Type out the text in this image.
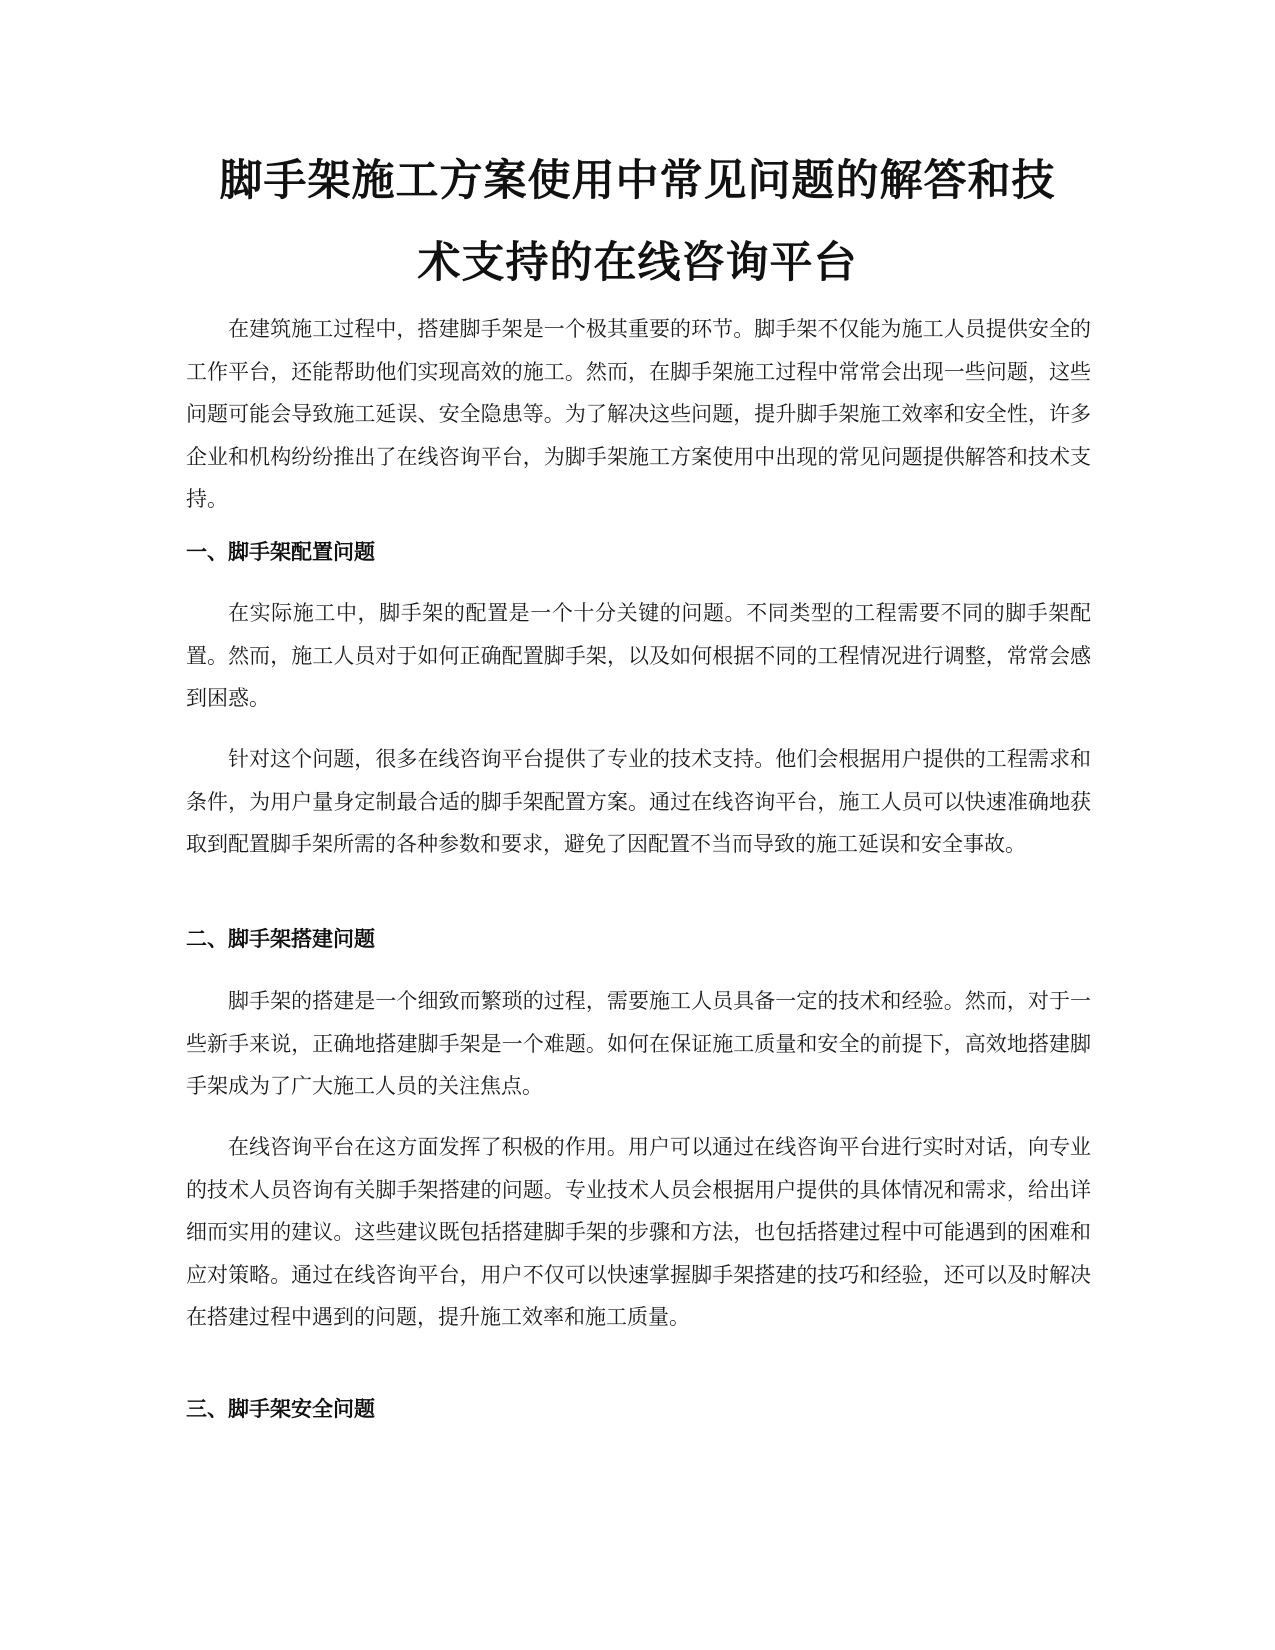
脚手架施工方案使用中常见问题的解答和技
术支持的在线咨询平台

在建筑施工过程中，搭建脚手架是一个极其重要的环节。脚手架不仅能为施工人员提供安全的工作平台，还能帮助他们实现高效的施工。然而，在脚手架施工过程中常常会出现一些问题，这些问题可能会导致施工延误、安全隐患等。为了解决这些问题，提升脚手架施工效率和安全性，许多企业和机构纷纷推出了在线咨询平台，为脚手架施工方案使用中出现的常见问题提供解答和技术支持。

一、脚手架配置问题

在实际施工中，脚手架的配置是一个十分关键的问题。不同类型的工程需要不同的脚手架配置。然而，施工人员对于如何正确配置脚手架，以及如何根据不同的工程情况进行调整，常常会感到困惑。

针对这个问题，很多在线咨询平台提供了专业的技术支持。他们会根据用户提供的工程需求和条件，为用户量身定制最合适的脚手架配置方案。通过在线咨询平台，施工人员可以快速准确地获取到配置脚手架所需的各种参数和要求，避免了因配置不当而导致的施工延误和安全事故。

二、脚手架搭建问题

脚手架的搭建是一个细致而繁琐的过程，需要施工人员具备一定的技术和经验。然而，对于一些新手来说，正确地搭建脚手架是一个难题。如何在保证施工质量和安全的前提下，高效地搭建脚手架成为了广大施工人员的关注焦点。

在线咨询平台在这方面发挥了积极的作用。用户可以通过在线咨询平台进行实时对话，向专业的技术人员咨询有关脚手架搭建的问题。专业技术人员会根据用户提供的具体情况和需求，给出详细而实用的建议。这些建议既包括搭建脚手架的步骤和方法，也包括搭建过程中可能遇到的困难和应对策略。通过在线咨询平台，用户不仅可以快速掌握脚手架搭建的技巧和经验，还可以及时解决在搭建过程中遇到的问题，提升施工效率和施工质量。

三、脚手架安全问题
